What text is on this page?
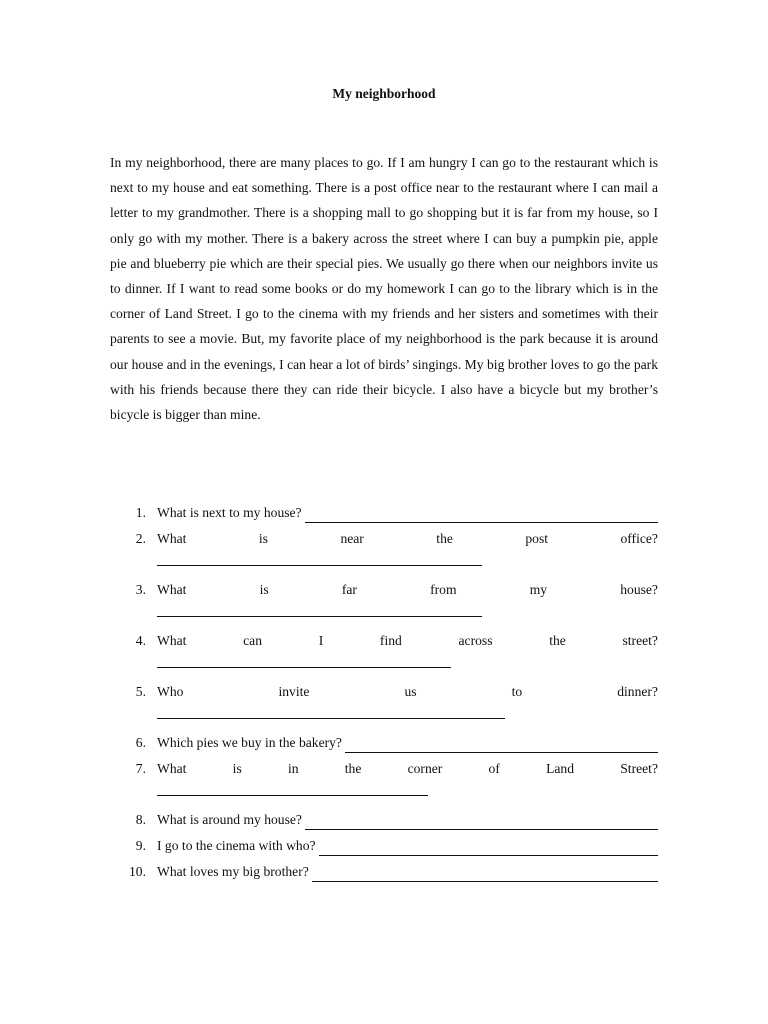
My neighborhood
In my neighborhood, there are many places to go. If I am hungry I can go to the restaurant which is next to my house and eat something. There is a post office near to the restaurant where I can mail a letter to my grandmother. There is a shopping mall to go shopping but it is far from my house, so I only go with my mother. There is a bakery across the street where I can buy a pumpkin pie, apple pie and blueberry pie which are their special pies. We usually go there when our neighbors invite us to dinner. If I want to read some books or do my homework I can go to the library which is in the corner of Land Street. I go to the cinema with my friends and her sisters and sometimes with their parents to see a movie. But, my favorite place of my neighborhood is the park because it is around our house and in the evenings, I can hear a lot of birds’ singings. My big brother loves to go the park with his friends because there they can ride their bicycle. I also have a bicycle but my brother’s bicycle is bigger than mine.
1. What is next to my house?
2. What	is	near	the	post	office?
3. What	is	far	from	my	house?
4. What	can	I	find	across	the	street?
5. Who	invite	us	to	dinner?
6. Which pies we buy in the bakery?
7. What	is	in	the	corner	of	Land	Street?
8. What is around my house?
9. I go to the cinema with who?
10. What loves my big brother?
